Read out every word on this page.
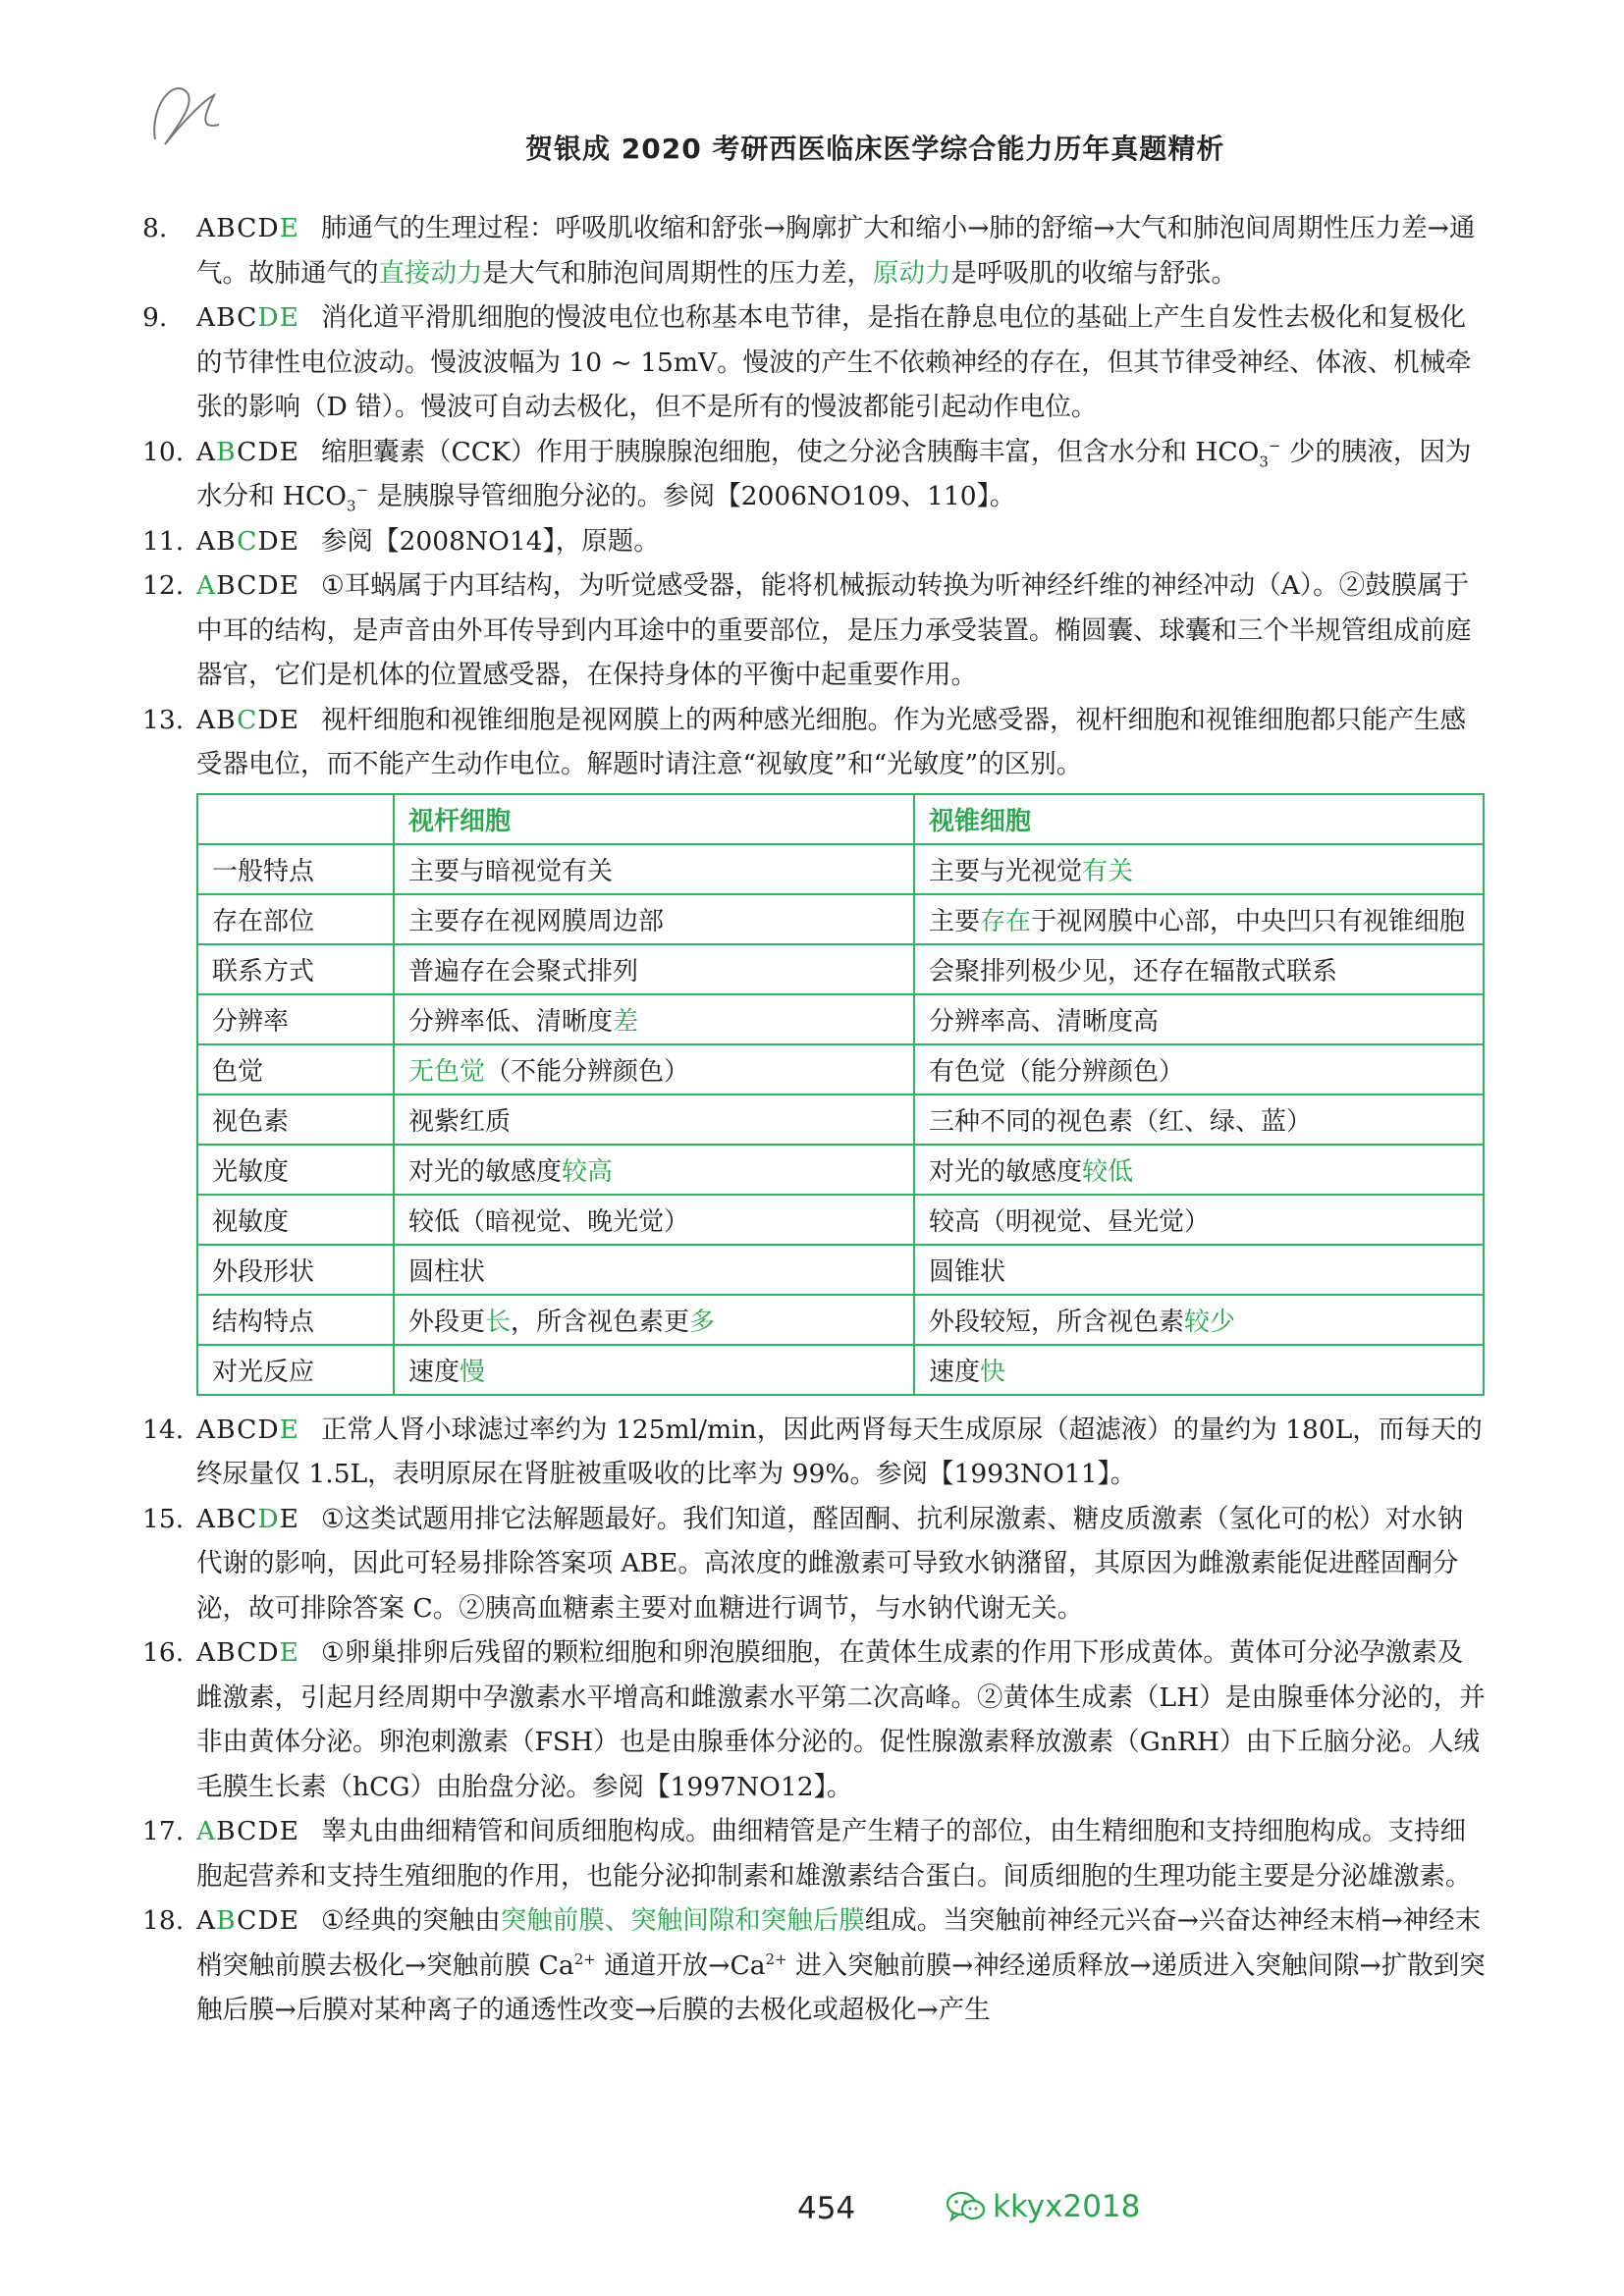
贺银成 2020 考研西医临床医学综合能力历年真题精析
8. ABCDE 肺通气的生理过程：呼吸肌收缩和舒张→胸廓扩大和缩小→肺的舒缩→大气和肺泡间周期性压力差→通气。故肺通气的直接动力是大气和肺泡间周期性的压力差，原动力是呼吸肌的收缩与舒张。
9. ABCDE 消化道平滑肌细胞的慢波电位也称基本电节律，是指在静息电位的基础上产生自发性去极化和复极化的节律性电位波动。慢波波幅为 10 ~ 15mV。慢波的产生不依赖神经的存在，但其节律受神经、体液、机械牵张的影响（D 错）。慢波可自动去极化，但不是所有的慢波都能引起动作电位。
10. ABCDE 缩胆囊素（CCK）作用于胰腺腺泡细胞，使之分泌含胰酶丰富，但含水分和 $HCO_3^-$ 少的胰液，因为水分和 $HCO_3^-$ 是胰腺导管细胞分泌的。参阅【2006NO109、110】。
11. ABCDE 参阅【2008NO14】，原题。
12. ABCDE ①耳蜗属于内耳结构，为听觉感受器，能将机械振动转换为听神经纤维的神经冲动（A）。②鼓膜属于中耳的结构，是声音由外耳传导到内耳途中的重要部位，是压力承受装置。椭圆囊、球囊和三个半规管组成前庭器官，它们是机体的位置感受器，在保持身体的平衡中起重要作用。
13. ABCDE 视杆细胞和视锥细胞是视网膜上的两种感光细胞。作为光感受器，视杆细胞和视锥细胞都只能产生感受器电位，而不能产生动作电位。解题时请注意“视敏度”和“光敏度”的区别。
	视杆细胞	视锥细胞
一般特点	主要与暗视觉有关	主要与光视觉有关
存在部位	主要存在视网膜周边部	主要存在于视网膜中心部，中央凹只有视锥细胞
联系方式	普遍存在会聚式排列	会聚排列极少见，还存在辐散式联系
分辨率	分辨率低、清晰度差	分辨率高、清晰度高
色觉	无色觉（不能分辨颜色）	有色觉（能分辨颜色）
视色素	视紫红质	三种不同的视色素（红、绿、蓝）
光敏度	对光的敏感度较高	对光的敏感度较低
视敏度	较低（暗视觉、晚光觉）	较高（明视觉、昼光觉）
外段形状	圆柱状	圆锥状
结构特点	外段更长，所含视色素更多	外段较短，所含视色素较少
对光反应	速度慢	速度快
14. ABCDE 正常人肾小球滤过率约为 125ml/min，因此两肾每天生成原尿（超滤液）的量约为 180L，而每天的终尿量仅 1.5L，表明原尿在肾脏被重吸收的比率为 99%。参阅【1993NO11】。
15. ABCDE ①这类试题用排它法解题最好。我们知道，醛固酮、抗利尿激素、糖皮质激素（氢化可的松）对水钠代谢的影响，因此可轻易排除答案项 ABE。高浓度的雌激素可导致水钠潴留，其原因为雌激素能促进醛固酮分泌，故可排除答案 C。②胰高血糖素主要对血糖进行调节，与水钠代谢无关。
16. ABCDE ①卵巢排卵后残留的颗粒细胞和卵泡膜细胞，在黄体生成素的作用下形成黄体。黄体可分泌孕激素及雌激素，引起月经周期中孕激素水平增高和雌激素水平第二次高峰。②黄体生成素（LH）是由腺垂体分泌的，并非由黄体分泌。卵泡刺激素（FSH）也是由腺垂体分泌的。促性腺激素释放激素（GnRH）由下丘脑分泌。人绒毛膜生长素（hCG）由胎盘分泌。参阅【1997NO12】。
17. ABCDE 睾丸由曲细精管和间质细胞构成。曲细精管是产生精子的部位，由生精细胞和支持细胞构成。支持细胞起营养和支持生殖细胞的作用，也能分泌抑制素和雄激素结合蛋白。间质细胞的生理功能主要是分泌雄激素。
18. ABCDE ①经典的突触由突触前膜、突触间隙和突触后膜组成。当突触前神经元兴奋→兴奋达神经末梢→神经末梢突触前膜去极化→突触前膜 $Ca^{2+}$ 通道开放$\to Ca^{2+}$ 进入突触前膜→神经递质释放→递质进入突触间隙→扩散到突触后膜→后膜对某种离子的通透性改变→后膜的去极化或超极化→产生
454	kkyx2018
